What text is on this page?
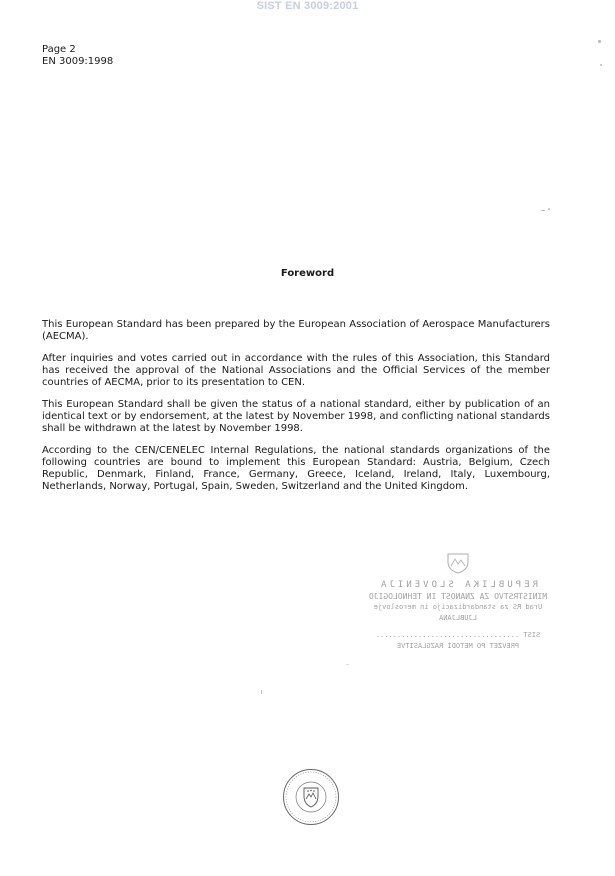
SIST EN 3009:2001
Page 2
EN 3009:1998
Foreword

This European Standard has been prepared by the European Association of Aerospace Manufacturers (AECMA).

After inquiries and votes carried out in accordance with the rules of this Association, this Standard has received the approval of the National Associations and the Official Services of the member countries of AECMA, prior to its presentation to CEN.

This European Standard shall be given the status of a national standard, either by publication of an identical text or by endorsement, at the latest by November 1998, and conflicting national standards shall be withdrawn at the latest by November 1998.

According to the CEN/CENELEC Internal Regulations, the national standards organizations of the following countries are bound to implement this European Standard: Austria, Belgium, Czech Republic, Denmark, Finland, France, Germany, Greece, Iceland, Ireland, Italy, Luxembourg, Netherlands, Norway, Portugal, Spain, Sweden, Switzerland and the United Kingdom.

REPUBLIKA SLOVENIJA
MINISTRSTVO ZA ZNANOST IN TEHNOLOGIJO
Urad RS za standardizacijo in meroslovje
LJUBLJANA
SIST ..................................
PREVZET PO METODI RAZGLASITVE
